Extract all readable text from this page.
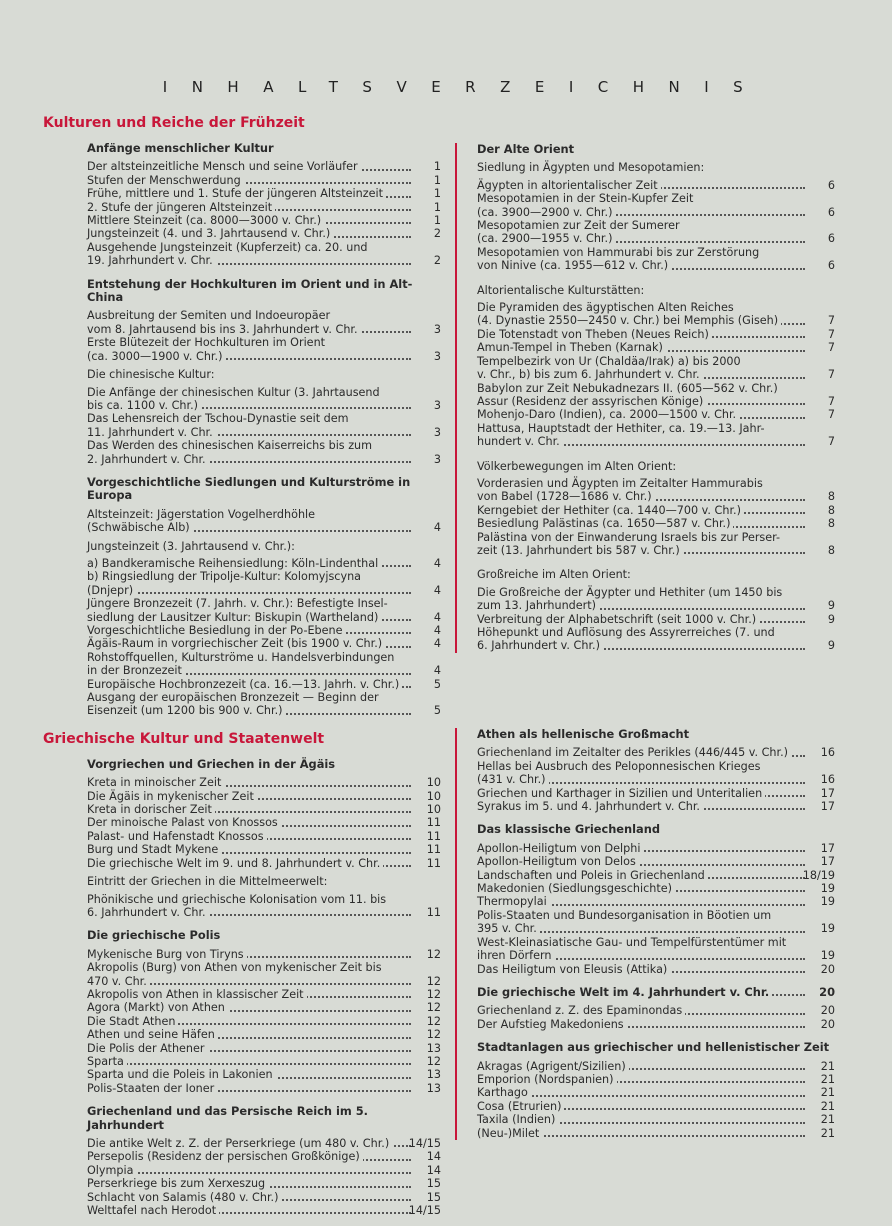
INHALTSVERZEICHNIS
Kulturen und Reiche der Frühzeit
Anfänge menschlicher Kultur
Der altsteinzeitliche Mensch und seine Vorläufer	1
Stufen der Menschwerdung	1
Frühe, mittlere und 1. Stufe der jüngeren Altsteinzeit	1
2. Stufe der jüngeren Altsteinzeit	1
Mittlere Steinzeit (ca. 8000—3000 v. Chr.)	1
Jungsteinzeit (4. und 3. Jahrtausend v. Chr.)	2
Ausgehende Jungsteinzeit (Kupferzeit) ca. 20. und
19. Jahrhundert v. Chr.	2
Entstehung der Hochkulturen im Orient und in Alt-China
Ausbreitung der Semiten und Indoeuropäer
vom 8. Jahrtausend bis ins 3. Jahrhundert v. Chr.	3
Erste Blütezeit der Hochkulturen im Orient
(ca. 3000—1900 v. Chr.)	3
Die chinesische Kultur:
Die Anfänge der chinesischen Kultur (3. Jahrtausend
bis ca. 1100 v. Chr.)	3
Das Lehensreich der Tschou-Dynastie seit dem
11. Jahrhundert v. Chr.	3
Das Werden des chinesischen Kaiserreichs bis zum
2. Jahrhundert v. Chr.	3
Vorgeschichtliche Siedlungen und Kulturströme in Europa
Altsteinzeit: Jägerstation Vogelherdhöhle
(Schwäbische Alb)	4
Jungsteinzeit (3. Jahrtausend v. Chr.):
a) Bandkeramische Reihensiedlung: Köln-Lindenthal	4
b) Ringsiedlung der Tripolje-Kultur: Kolomyjscyna
(Dnjepr)	4
Jüngere Bronzezeit (7. Jahrh. v. Chr.): Befestigte Insel-
siedlung der Lausitzer Kultur: Biskupin (Wartheland)	4
Vorgeschichtliche Besiedlung in der Po-Ebene	4
Ägäis-Raum in vorgriechischer Zeit (bis 1900 v. Chr.)	4
Rohstoffquellen, Kulturströme u. Handelsverbindungen
in der Bronzezeit	4
Europäische Hochbronzezeit (ca. 16.—13. Jahrh. v. Chr.)	5
Ausgang der europäischen Bronzezeit — Beginn der
Eisenzeit (um 1200 bis 900 v. Chr.)	5
Griechische Kultur und Staatenwelt
Vorgriechen und Griechen in der Ägäis
Kreta in minoischer Zeit	10
Die Ägäis in mykenischer Zeit	10
Kreta in dorischer Zeit	10
Der minoische Palast von Knossos	11
Palast- und Hafenstadt Knossos	11
Burg und Stadt Mykene	11
Die griechische Welt im 9. und 8. Jahrhundert v. Chr.	11
Eintritt der Griechen in die Mittelmeerwelt:
Phönikische und griechische Kolonisation vom 11. bis
6. Jahrhundert v. Chr.	11
Die griechische Polis
Mykenische Burg von Tiryns	12
Akropolis (Burg) von Athen von mykenischer Zeit bis
470 v. Chr.	12
Akropolis von Athen in klassischer Zeit	12
Agora (Markt) von Athen	12
Die Stadt Athen	12
Athen und seine Häfen	12
Die Polis der Athener	13
Sparta	12
Sparta und die Poleis in Lakonien	13
Polis-Staaten der Ioner	13
Griechenland und das Persische Reich im 5. Jahrhundert
Die antike Welt z. Z. der Perserkriege (um 480 v. Chr.) 14/15
Persepolis (Residenz der persischen Großkönige)	14
Olympia	14
Perserkriege bis zum Xerxeszug	15
Schlacht von Salamis (480 v. Chr.)	15
Welttafel nach Herodot	14/15
Der Alte Orient
Siedlung in Ägypten und Mesopotamien:
Ägypten in altorientalischer Zeit	6
Mesopotamien in der Stein-Kupfer Zeit
(ca. 3900—2900 v. Chr.)	6
Mesopotamien zur Zeit der Sumerer
(ca. 2900—1955 v. Chr.)	6
Mesopotamien von Hammurabi bis zur Zerstörung
von Ninive (ca. 1955—612 v. Chr.)	6
Altorientalische Kulturstätten:
Die Pyramiden des ägyptischen Alten Reiches
(4. Dynastie 2550—2450 v. Chr.) bei Memphis (Giseh)	7
Die Totenstadt von Theben (Neues Reich)	7
Amun-Tempel in Theben (Karnak)	7
Tempelbezirk von Ur (Chaldäa/Irak) a) bis 2000
v. Chr., b) bis zum 6. Jahrhundert v. Chr.	7
Babylon zur Zeit Nebukadnezars II. (605—562 v. Chr.)
Assur (Residenz der assyrischen Könige)	7
Mohenjo-Daro (Indien), ca. 2000—1500 v. Chr.	7
Hattusa, Hauptstadt der Hethiter, ca. 19.—13. Jahr-
hundert v. Chr.	7
Völkerbewegungen im Alten Orient:
Vorderasien und Ägypten im Zeitalter Hammurabis
von Babel (1728—1686 v. Chr.)	8
Kerngebiet der Hethiter (ca. 1440—700 v. Chr.)	8
Besiedlung Palästinas (ca. 1650—587 v. Chr.)	8
Palästina von der Einwanderung Israels bis zur Perser-
zeit (13. Jahrhundert bis 587 v. Chr.)	8
Großreiche im Alten Orient:
Die Großreiche der Ägypter und Hethiter (um 1450 bis
zum 13. Jahrhundert)	9
Verbreitung der Alphabetschrift (seit 1000 v. Chr.)	9
Höhepunkt und Auflösung des Assyrerreiches (7. und
6. Jahrhundert v. Chr.)	9
Athen als hellenische Großmacht
Griechenland im Zeitalter des Perikles (446/445 v. Chr.)	16
Hellas bei Ausbruch des Peloponnesischen Krieges
(431 v. Chr.)	16
Griechen und Karthager in Sizilien und Unteritalien	17
Syrakus im 5. und 4. Jahrhundert v. Chr.	17
Das klassische Griechenland
Apollon-Heiligtum von Delphi	17
Apollon-Heiligtum von Delos	17
Landschaften und Poleis in Griechenland	18/19
Makedonien (Siedlungsgeschichte)	19
Thermopylai	19
Polis-Staaten und Bundesorganisation in Böotien um
395 v. Chr.	19
West-Kleinasiatische Gau- und Tempelfürstentümer mit
ihren Dörfern	19
Das Heiligtum von Eleusis (Attika)	20
Die griechische Welt im 4. Jahrhundert v. Chr.	20
Griechenland z. Z. des Epaminondas	20
Der Aufstieg Makedoniens	20
Stadtanlagen aus griechischer und hellenistischer Zeit
Akragas (Agrigent/Sizilien)	21
Emporion (Nordspanien)	21
Karthago	21
Cosa (Etrurien)	21
Taxila (Indien)	21
(Neu-)Milet	21
